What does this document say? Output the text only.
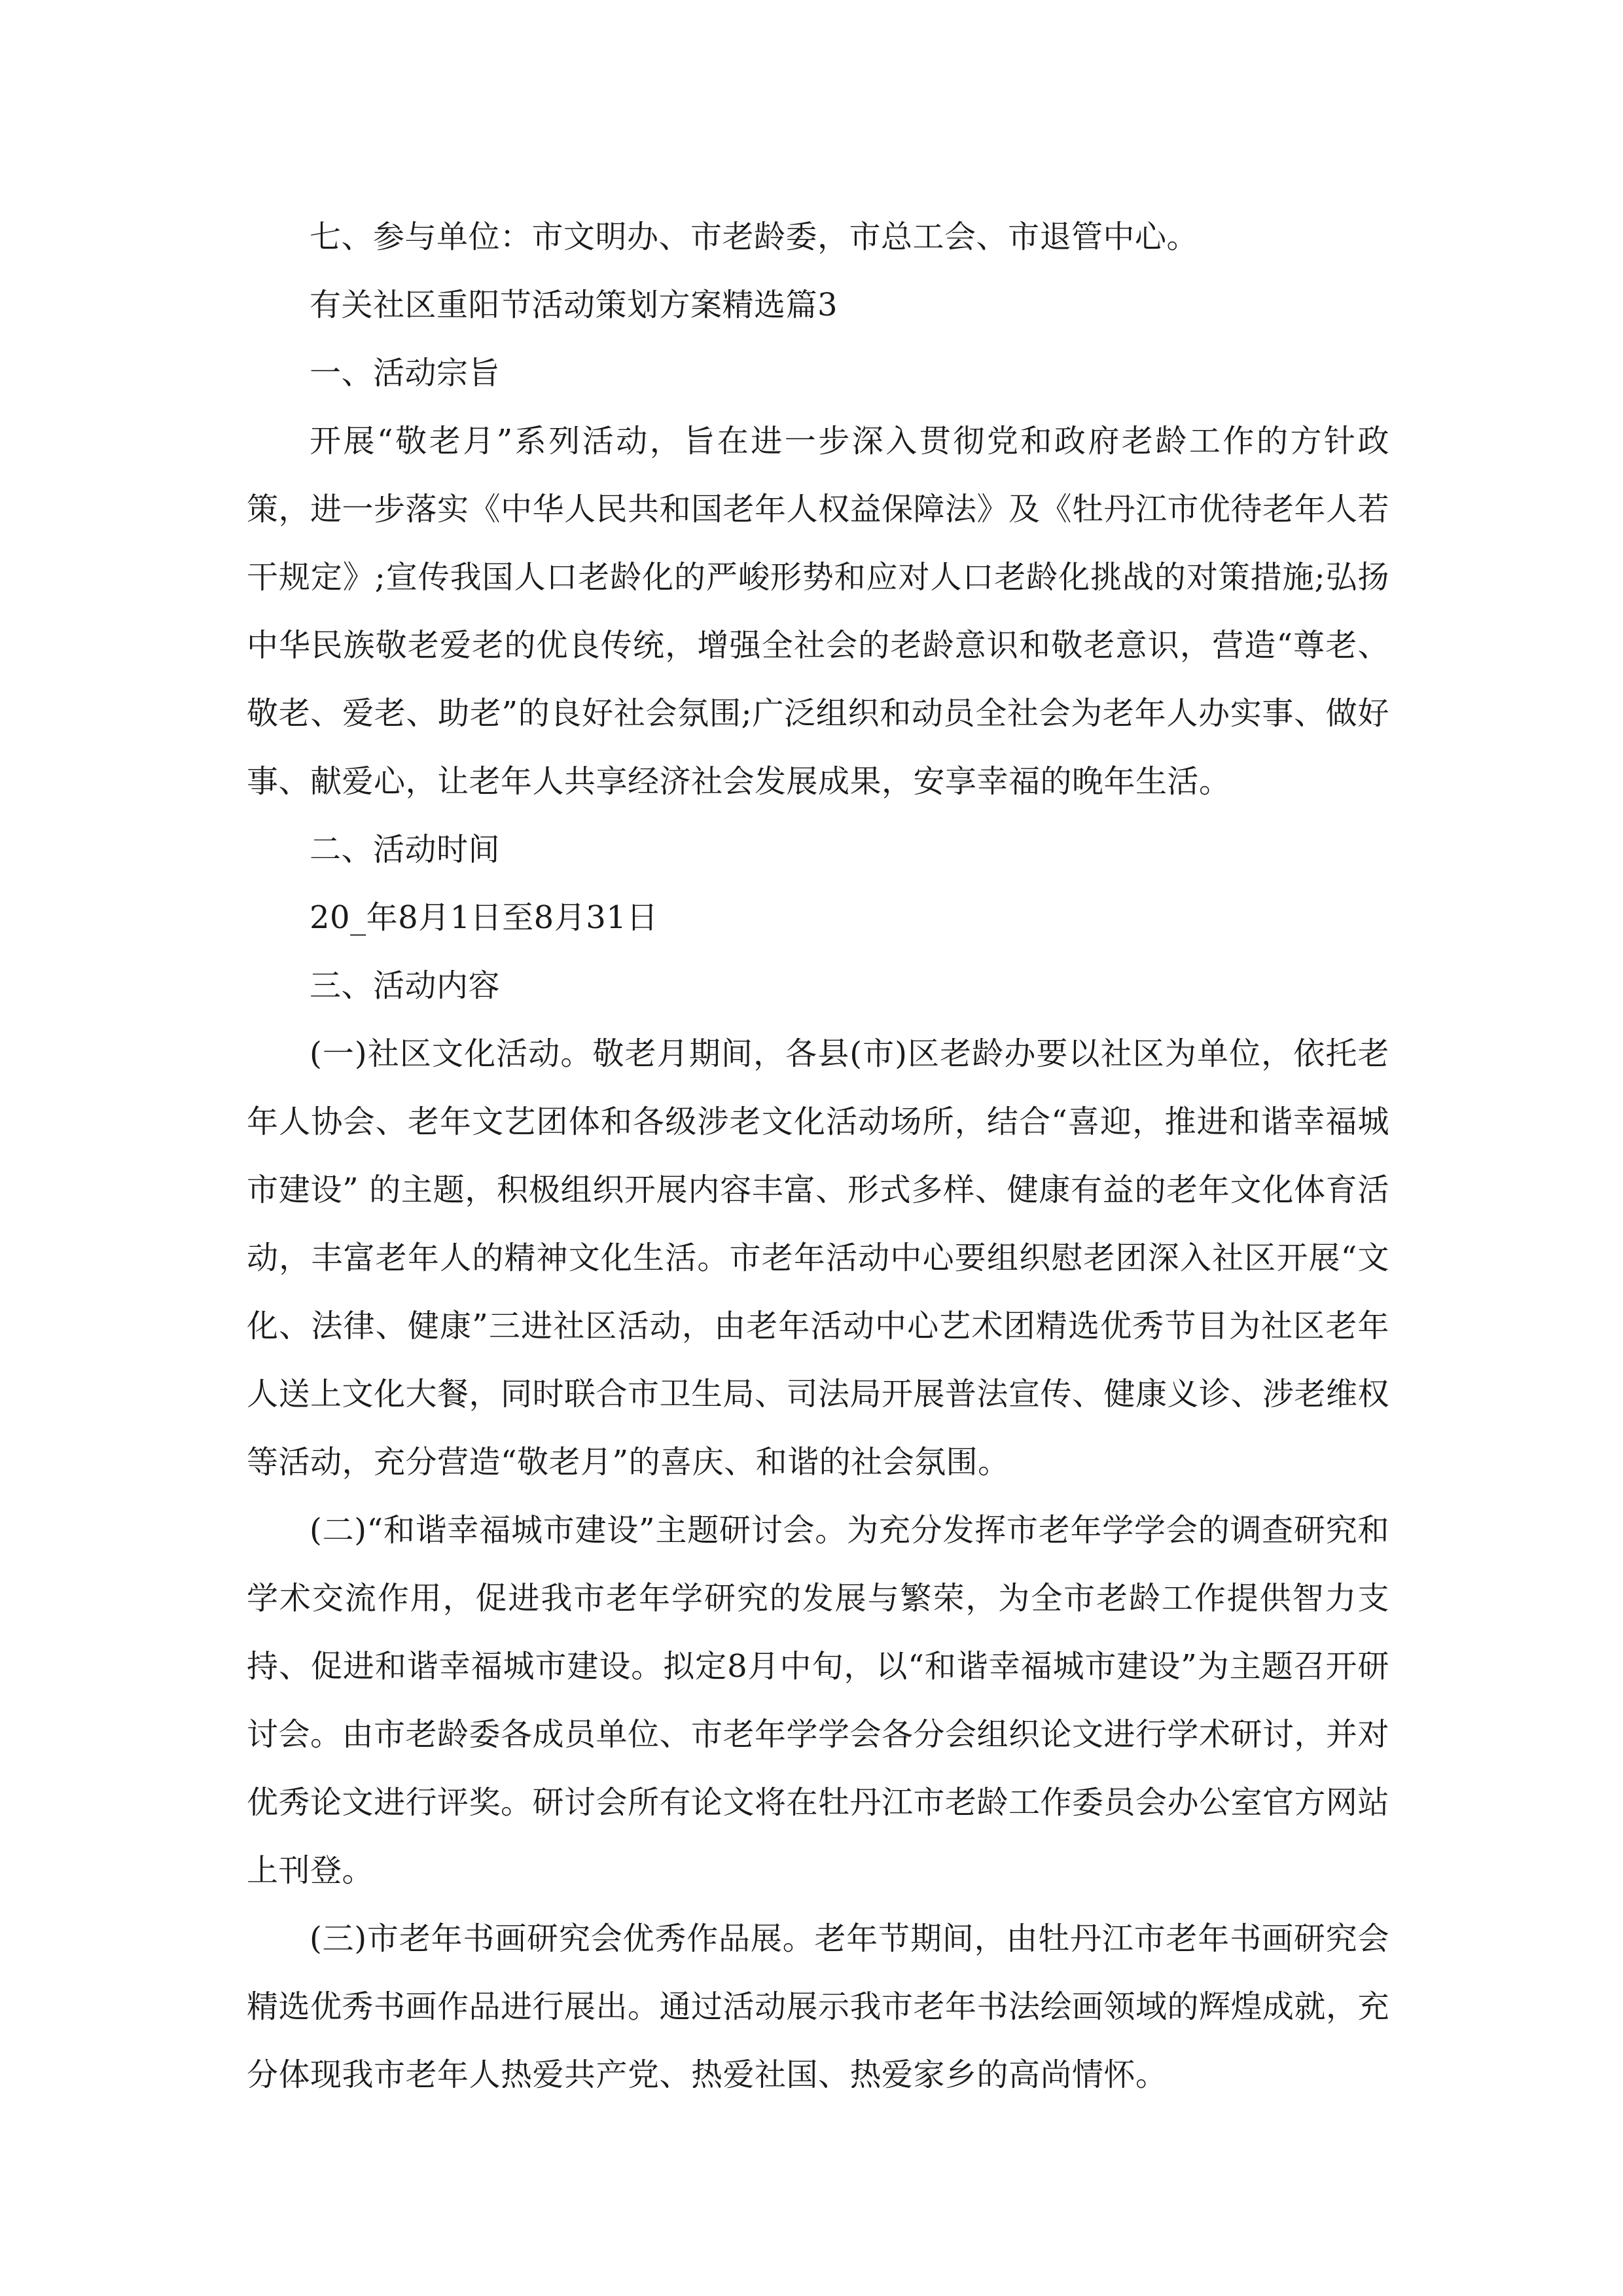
七、参与单位：市文明办、市老龄委，市总工会、市退管中心。

有关社区重阳节活动策划方案精选篇3

一、活动宗旨

开展“敬老月”系列活动，旨在进一步深入贯彻党和政府老龄工作的方针政策，进一步落实《中华人民共和国老年人权益保障法》及《牡丹江市优待老年人若干规定》;宣传我国人口老龄化的严峻形势和应对人口老龄化挑战的对策措施;弘扬中华民族敬老爱老的优良传统，增强全社会的老龄意识和敬老意识，营造“尊老、敬老、爱老、助老”的良好社会氛围;广泛组织和动员全社会为老年人办实事、做好事、献爱心，让老年人共享经济社会发展成果，安享幸福的晚年生活。

二、活动时间

20_年8月1日至8月31日

三、活动内容

(一)社区文化活动。敬老月期间，各县(市)区老龄办要以社区为单位，依托老年人协会、老年文艺团体和各级涉老文化活动场所，结合“喜迎，推进和谐幸福城市建设” 的主题，积极组织开展内容丰富、形式多样、健康有益的老年文化体育活动，丰富老年人的精神文化生活。市老年活动中心要组织慰老团深入社区开展“文化、法律、健康”三进社区活动，由老年活动中心艺术团精选优秀节目为社区老年人送上文化大餐，同时联合市卫生局、司法局开展普法宣传、健康义诊、涉老维权等活动，充分营造“敬老月”的喜庆、和谐的社会氛围。

(二)“和谐幸福城市建设”主题研讨会。为充分发挥市老年学学会的调查研究和学术交流作用，促进我市老年学研究的发展与繁荣，为全市老龄工作提供智力支持、促进和谐幸福城市建设。拟定8月中旬，以“和谐幸福城市建设”为主题召开研讨会。由市老龄委各成员单位、市老年学学会各分会组织论文进行学术研讨，并对优秀论文进行评奖。研讨会所有论文将在牡丹江市老龄工作委员会办公室官方网站上刊登。

(三)市老年书画研究会优秀作品展。老年节期间，由牡丹江市老年书画研究会精选优秀书画作品进行展出。通过活动展示我市老年书法绘画领域的辉煌成就，充分体现我市老年人热爱共产党、热爱社国、热爱家乡的高尚情怀。
